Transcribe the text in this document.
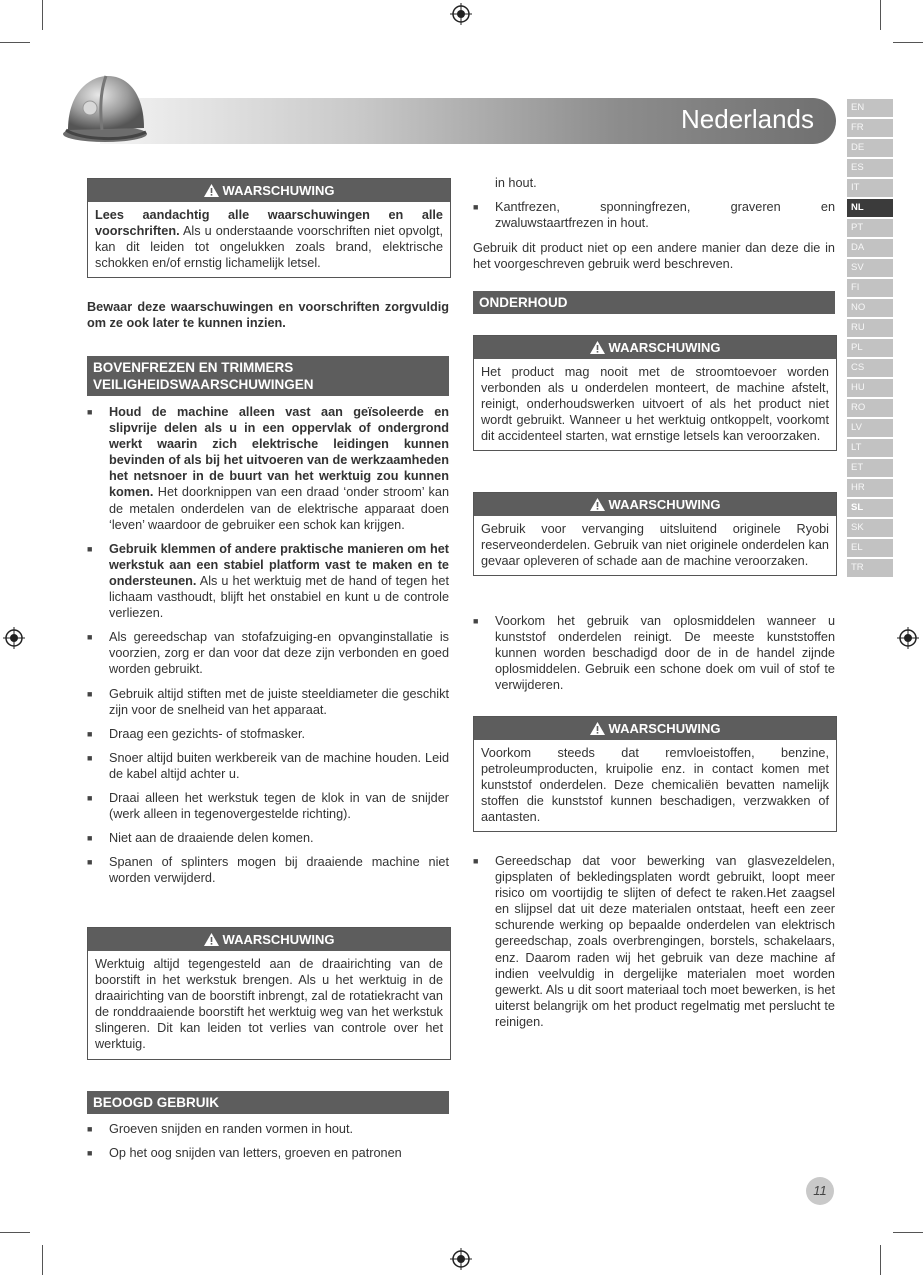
Nederlands	EN
FR
DE
ES
IT
NL
PT
DA
SV
FI
NO
RU
PL
CS
HU
RO
LV
LT
ET
HR
SL
SK
EL
TR
WAARSCHUWING
Lees aandachtig alle waarschuwingen en alle voorschriften. Als u onderstaande voorschriften niet opvolgt, kan dit leiden tot ongelukken zoals brand, elektrische schokken en/of ernstig lichamelijk letsel.

Bewaar deze waarschuwingen en voorschriften zorgvuldig om ze ook later te kunnen inzien.

BOVENFREZEN EN TRIMMERS
VEILIGHEIDSWAARSCHUWINGEN
■ Houd de machine alleen vast aan geïsoleerde en slipvrije delen als u in een oppervlak of ondergrond werkt waarin zich elektrische leidingen kunnen bevinden of als bij het uitvoeren van de werkzaamheden het netsnoer in de buurt van het werktuig zou kunnen komen. Het doorknippen van een draad ‘onder stroom’ kan de metalen onderdelen van de elektrische apparaat doen ‘leven’ waardoor de gebruiker een schok kan krijgen.
■ Gebruik klemmen of andere praktische manieren om het werkstuk aan een stabiel platform vast te maken en te ondersteunen. Als u het werktuig met de hand of tegen het lichaam vasthoudt, blijft het onstabiel en kunt u de controle verliezen.
■ Als gereedschap van stofafzuiging-en opvanginstallatie is voorzien, zorg er dan voor dat deze zijn verbonden en goed worden gebruikt.
■ Gebruik altijd stiften met de juiste steeldiameter die geschikt zijn voor de snelheid van het apparaat.
■ Draag een gezichts- of stofmasker.
■ Snoer altijd buiten werkbereik van de machine houden. Leid de kabel altijd achter u.
■ Draai alleen het werkstuk tegen de klok in van de snijder (werk alleen in tegenovergestelde richting).
■ Niet aan de draaiende delen komen.
■ Spanen of splinters mogen bij draaiende machine niet worden verwijderd.
WAARSCHUWING
Werktuig altijd tegengesteld aan de draairichting van de boorstift in het werkstuk brengen. Als u het werktuig in de draairichting van de boorstift inbrengt, zal de rotatiekracht van de ronddraaiende boorstift het werktuig weg van het werkstuk slingeren. Dit kan leiden tot verlies van controle over het werktuig.
BEOOGD GEBRUIK
■ Groeven snijden en randen vormen in hout.
■ Op het oog snijden van letters, groeven en patronen

in hout.

■ Kantfrezen, sponningfrezen, graveren en zwaluwstaartfrezen in hout.

Gebruik dit product niet op een andere manier dan deze die in het voorgeschreven gebruik werd beschreven.

ONDERHOUD
WAARSCHUWING
Het product mag nooit met de stroomtoevoer worden verbonden als u onderdelen monteert, de machine afstelt, reinigt, onderhoudswerken uitvoert of als het product niet wordt gebruikt. Wanneer u het werktuig ontkoppelt, voorkomt dit accidenteel starten, wat ernstige letsels kan veroorzaken.
WAARSCHUWING
Gebruik voor vervanging uitsluitend originele Ryobi reserveonderdelen. Gebruik van niet originele onderdelen kan gevaar opleveren of schade aan de machine veroorzaken.
■ Voorkom het gebruik van oplosmiddelen wanneer u kunststof onderdelen reinigt. De meeste kunststoffen kunnen worden beschadigd door de in de handel zijnde oplosmiddelen. Gebruik een schone doek om vuil of stof te verwijderen.
WAARSCHUWING
Voorkom steeds dat remvloeistoffen, benzine, petroleumproducten, kruipolie enz. in contact komen met kunststof onderdelen. Deze chemicaliën bevatten namelijk stoffen die kunststof kunnen beschadigen, verzwakken of aantasten.
■ Gereedschap dat voor bewerking van glasvezeldelen, gipsplaten of bekledingsplaten wordt gebruikt, loopt meer risico om voortijdig te slijten of defect te raken.Het zaagsel en slijpsel dat uit deze materialen ontstaat, heeft een zeer schurende werking op bepaalde onderdelen van elektrisch gereedschap, zoals overbrengingen, borstels, schakelaars, enz. Daarom raden wij het gebruik van deze machine af indien veelvuldig in dergelijke materialen moet worden gewerkt. Als u dit soort materiaal toch moet bewerken, is het uiterst belangrijk om het product regelmatig met perslucht te reinigen.
11
